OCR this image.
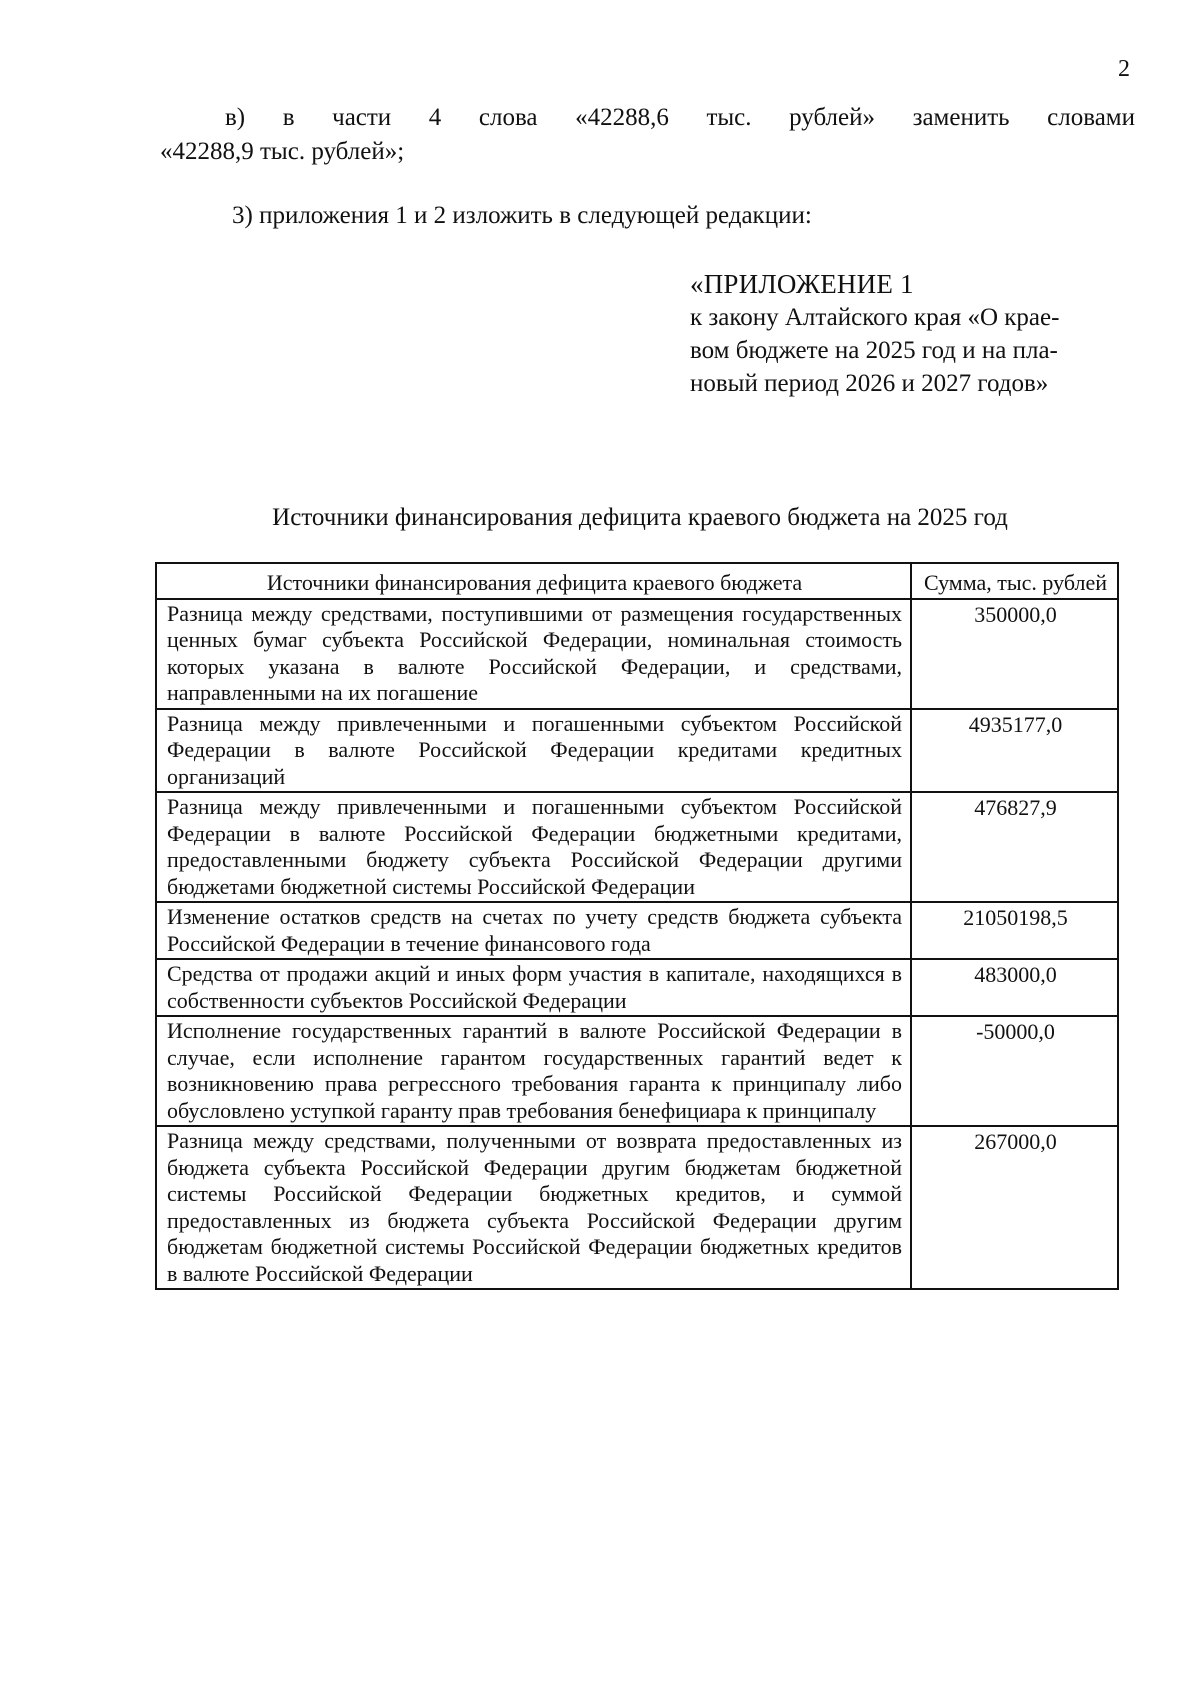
2
в) в части 4 слова «42288,6 тыс. рублей» заменить словами
«42288,9 тыс. рублей»;
3) приложения 1 и 2 изложить в следующей редакции:
«ПРИЛОЖЕНИЕ 1
к закону Алтайского края «О крае-
вом бюджете на 2025 год и на пла-
новый период 2026 и 2027 годов»
Источники финансирования дефицита краевого бюджета на 2025 год
Источники финансирования дефицита краевого бюджета	Сумма, тыс. рублей
Разница между средствами, поступившими от размещения государственных ценных бумаг субъекта Российской Федерации, номинальная стоимость которых указана в валюте Российской Федерации, и средствами, направленными на их погашение	350000,0
Разница между привлеченными и погашенными субъектом Российской Федерации в валюте Российской Федерации кредитами кредитных организаций	4935177,0
Разница между привлеченными и погашенными субъектом Российской Федерации в валюте Российской Федерации бюджетными кредитами, предоставленными бюджету субъекта Российской Федерации другими бюджетами бюджетной системы Российской Федерации	476827,9
Изменение остатков средств на счетах по учету средств бюджета субъекта Российской Федерации в течение финансового года	21050198,5
Средства от продажи акций и иных форм участия в капитале, находящихся в собственности субъектов Российской Федерации	483000,0
Исполнение государственных гарантий в валюте Российской Федерации в случае, если исполнение гарантом государственных гарантий ведет к возникновению права регрессного требования гаранта к принципалу либо обусловлено уступкой гаранту прав требования бенефициара к принципалу	-50000,0
Разница между средствами, полученными от возврата предоставленных из бюджета субъекта Российской Федерации другим бюджетам бюджетной системы Российской Федерации бюджетных кредитов, и суммой предоставленных из бюджета субъекта Российской Федерации другим бюджетам бюджетной системы Российской Федерации бюджетных кредитов в валюте Российской Федерации	267000,0
